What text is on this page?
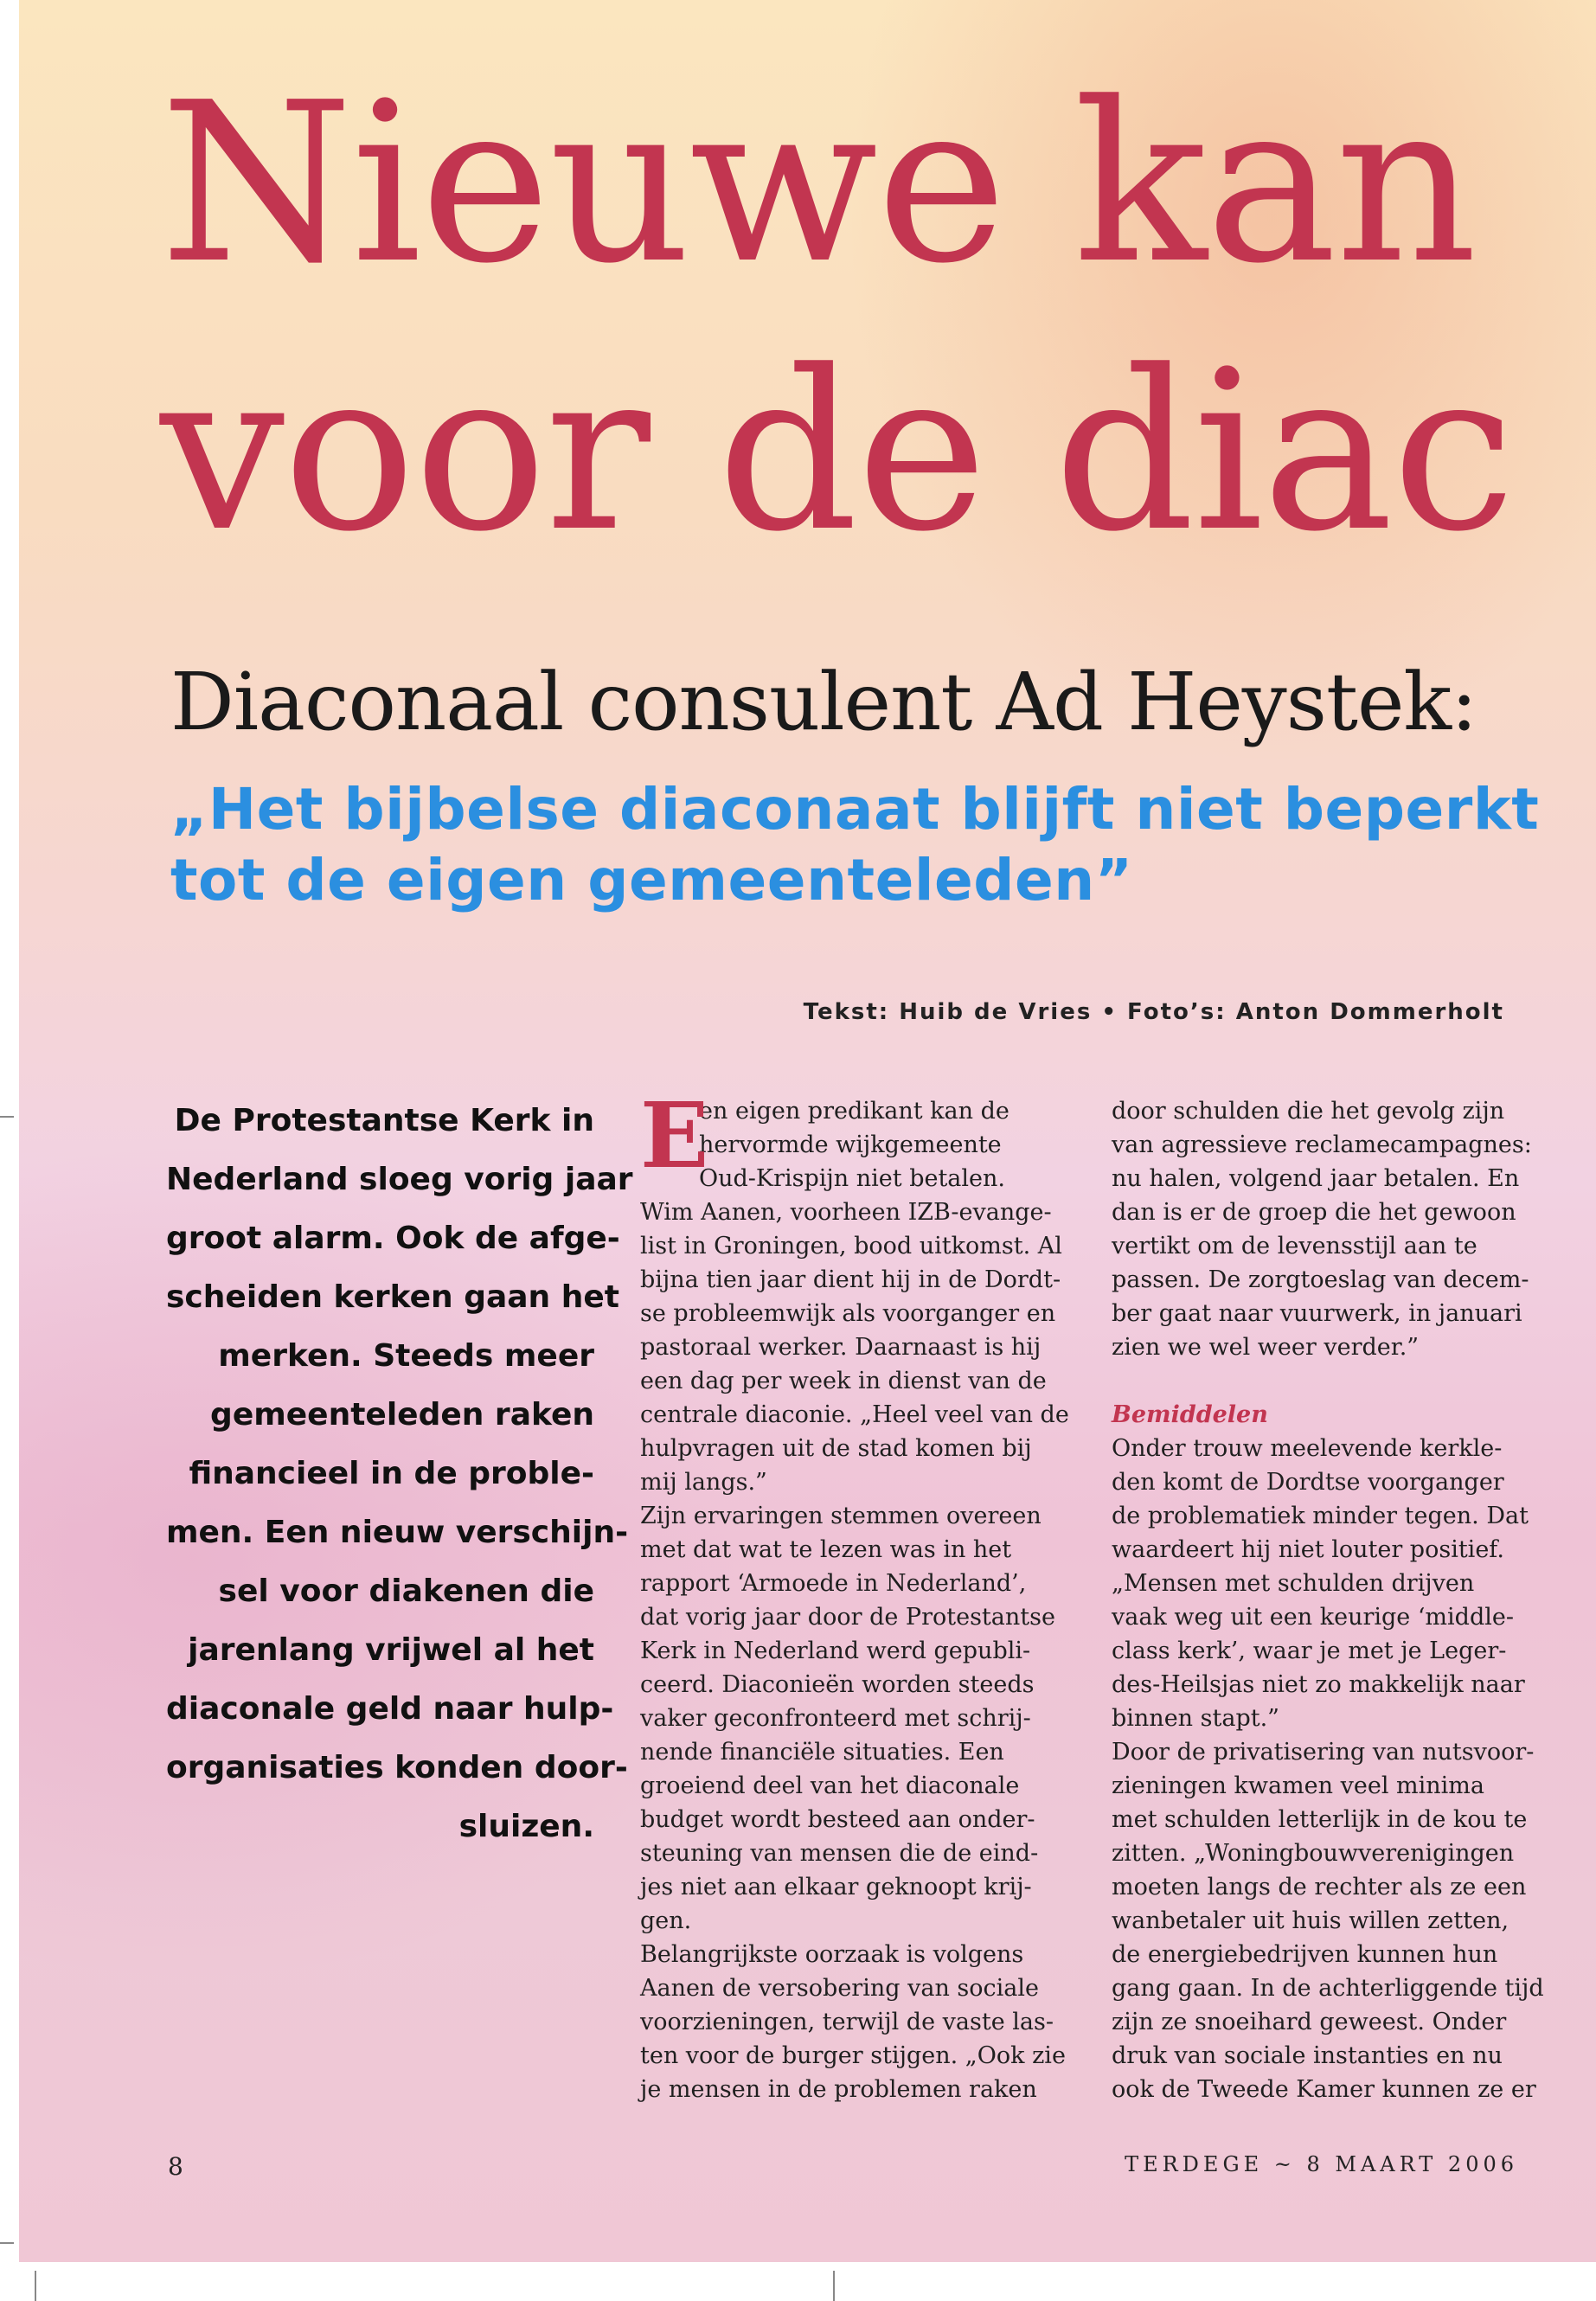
Nieuwe kan
voor de diac
Diaconaal consulent Ad Heystek:
„Het bijbelse diaconaat blijft niet beperkt
tot de eigen gemeenteleden”
Tekst: Huib de Vries • Foto’s: Anton Dommerholt

De Protestantse Kerk in
Nederland sloeg vorig jaar
groot alarm. Ook de afge-
scheiden kerken gaan het
merken. Steeds meer
gemeenteleden raken
financieel in de proble-
men. Een nieuw verschijn-
sel voor diakenen die
jarenlang vrijwel al het
diaconale geld naar hulp-
organisaties konden door-
sluizen.

E
en eigen predikant kan de
hervormde wijkgemeente
Oud-Krispijn niet betalen.
Wim Aanen, voorheen IZB-evange-
list in Groningen, bood uitkomst. Al
bijna tien jaar dient hij in de Dordt-
se probleemwijk als voorganger en
pastoraal werker. Daarnaast is hij
een dag per week in dienst van de
centrale diaconie. „Heel veel van de
hulpvragen uit de stad komen bij
mij langs.”
Zijn ervaringen stemmen overeen
met dat wat te lezen was in het
rapport ‘Armoede in Nederland’,
dat vorig jaar door de Protestantse
Kerk in Nederland werd gepubli-
ceerd. Diaconieën worden steeds
vaker geconfronteerd met schrij-
nende financiële situaties. Een
groeiend deel van het diaconale
budget wordt besteed aan onder-
steuning van mensen die de eind-
jes niet aan elkaar geknoopt krij-
gen.
Belangrijkste oorzaak is volgens
Aanen de versobering van sociale
voorzieningen, terwijl de vaste las-
ten voor de burger stijgen. „Ook zie
je mensen in de problemen raken
door schulden die het gevolg zijn
van agressieve reclamecampagnes:
nu halen, volgend jaar betalen. En
dan is er de groep die het gewoon
vertikt om de levensstijl aan te
passen. De zorgtoeslag van decem-
ber gaat naar vuurwerk, in januari
zien we wel weer verder.”
Bemiddelen
Onder trouw meelevende kerkle-
den komt de Dordtse voorganger
de problematiek minder tegen. Dat
waardeert hij niet louter positief.
„Mensen met schulden drijven
vaak weg uit een keurige ‘middle-
class kerk’, waar je met je Leger-
des-Heilsjas niet zo makkelijk naar
binnen stapt.”
Door de privatisering van nutsvoor-
zieningen kwamen veel minima
met schulden letterlijk in de kou te
zitten. „Woningbouwverenigingen
moeten langs de rechter als ze een
wanbetaler uit huis willen zetten,
de energiebedrijven kunnen hun
gang gaan. In de achterliggende tijd
zijn ze snoeihard geweest. Onder
druk van sociale instanties en nu
ook de Tweede Kamer kunnen ze er
8	TERDEGE ~ 8 MAART 2006
